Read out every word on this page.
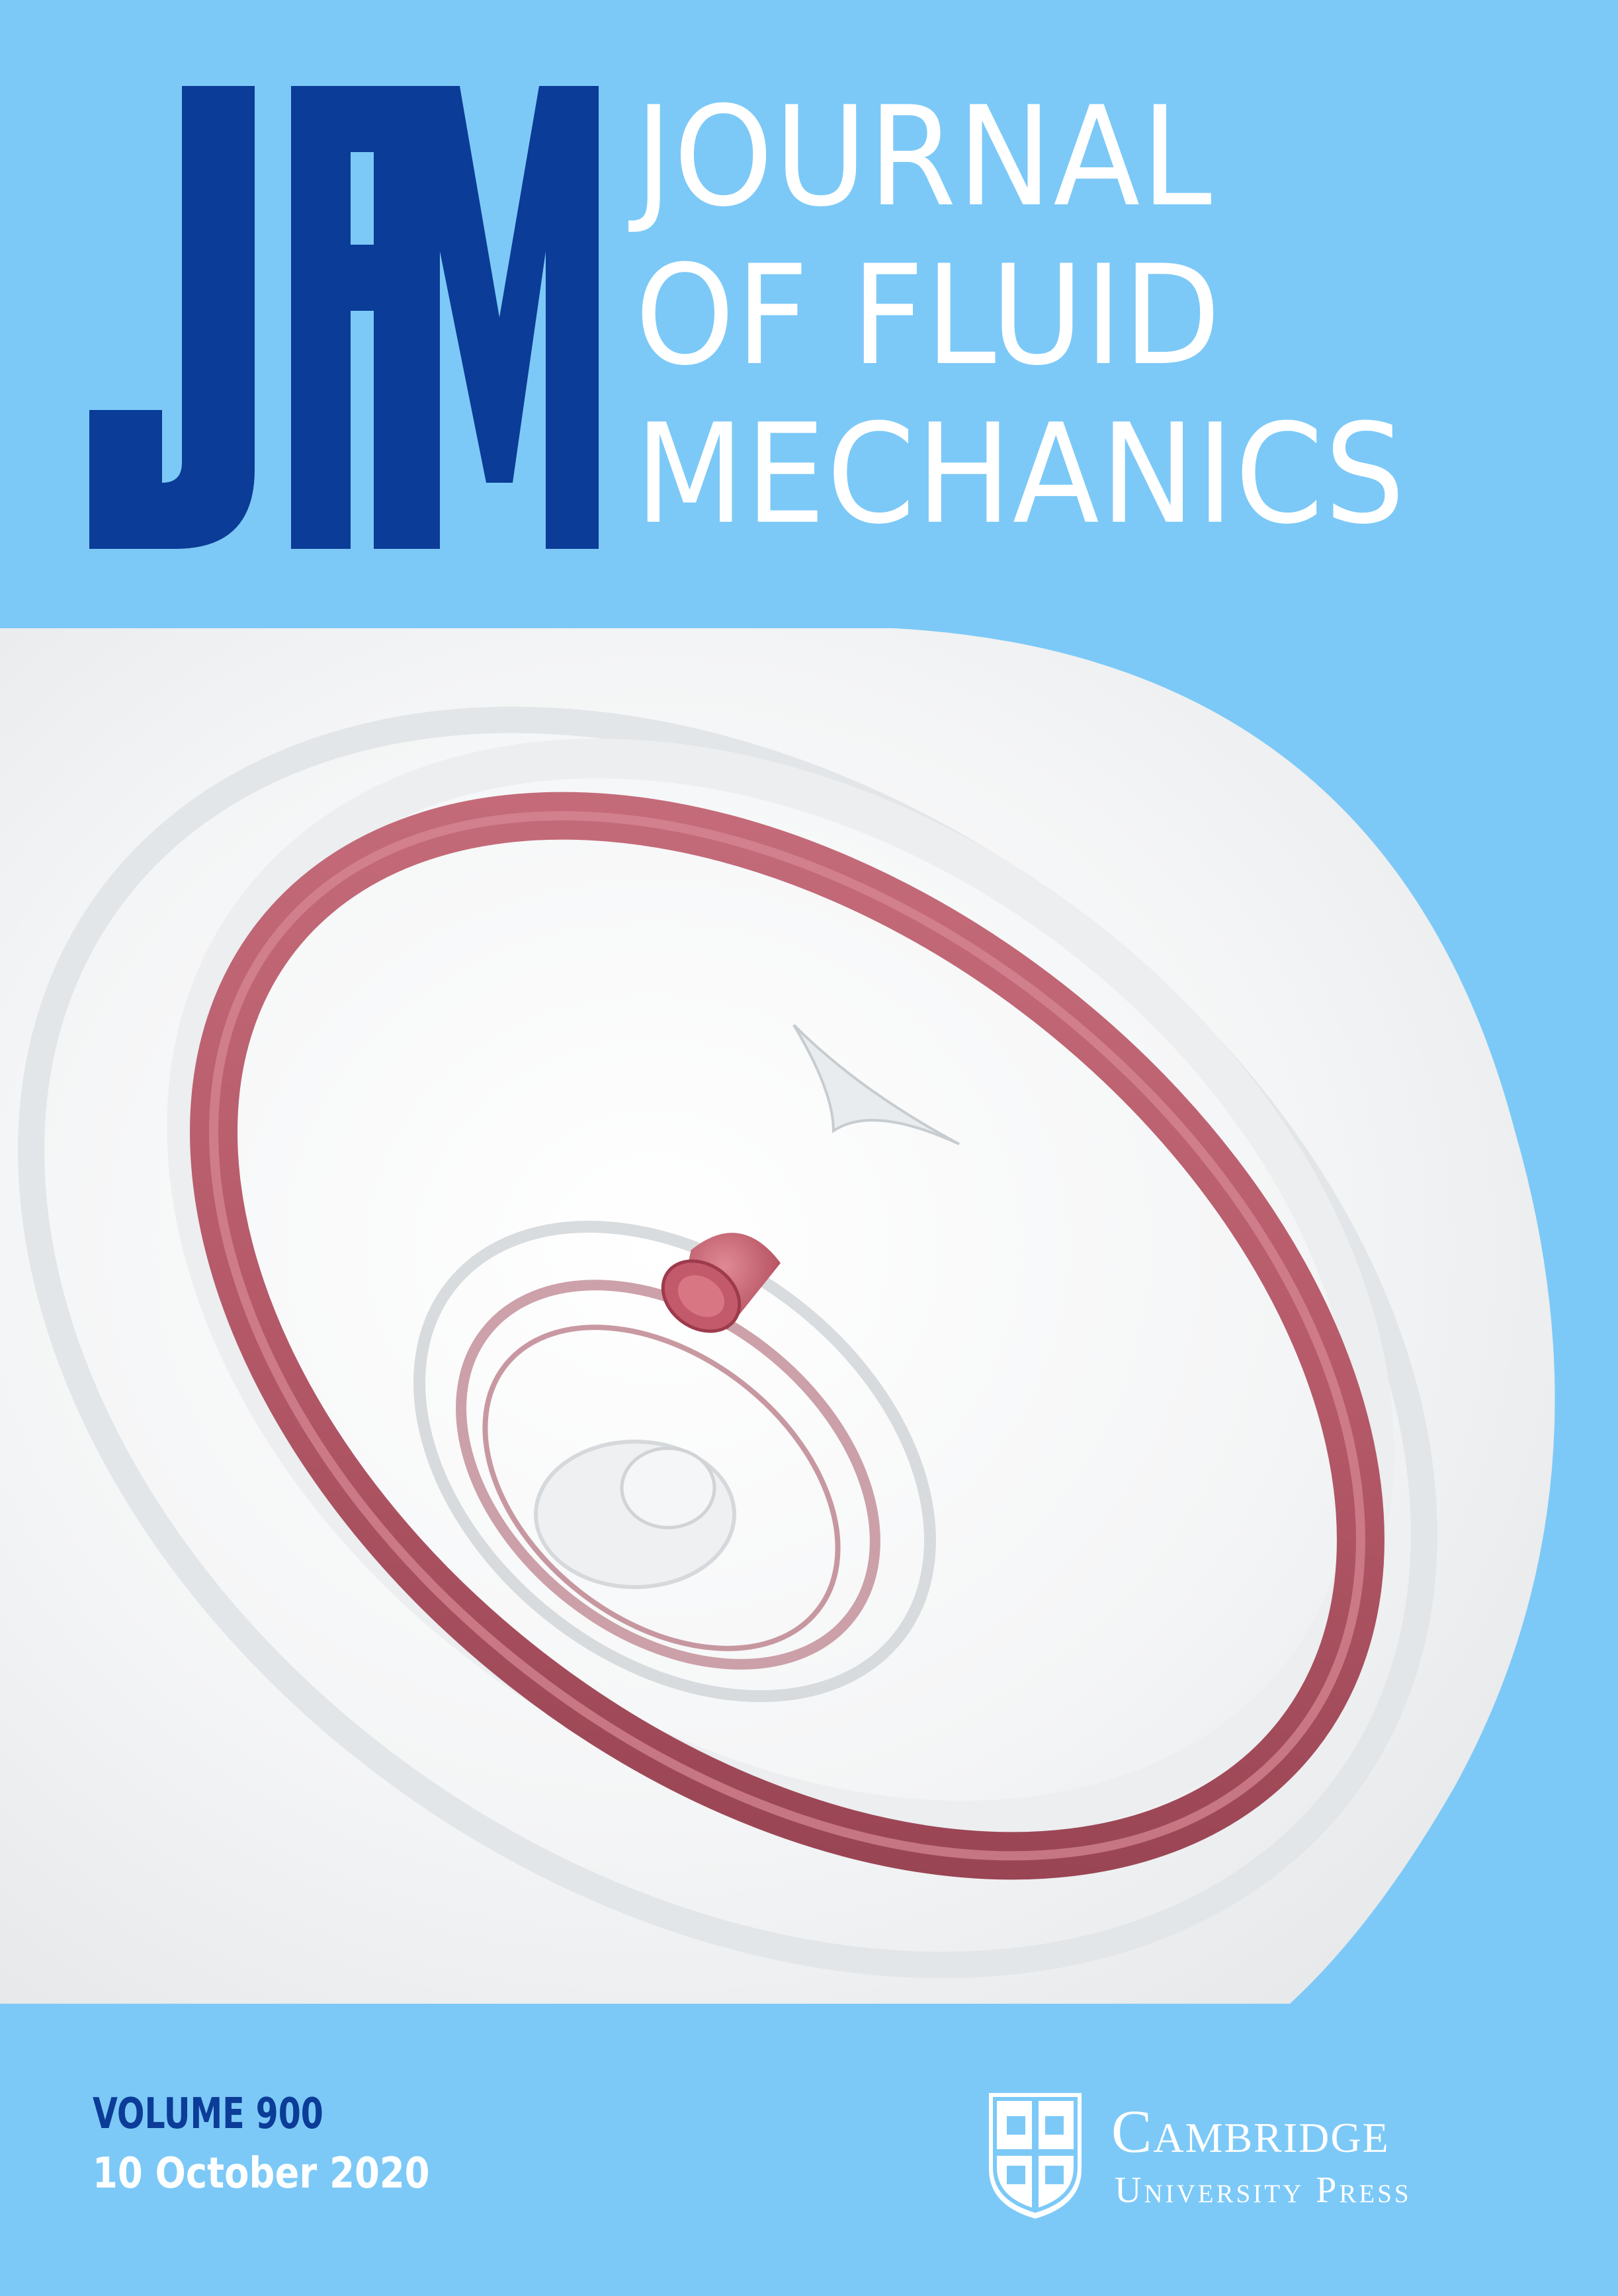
JOURNAL
OF FLUID
MECHANICS
VOLUME 900
10 October 2020
Cambridge
University Press
